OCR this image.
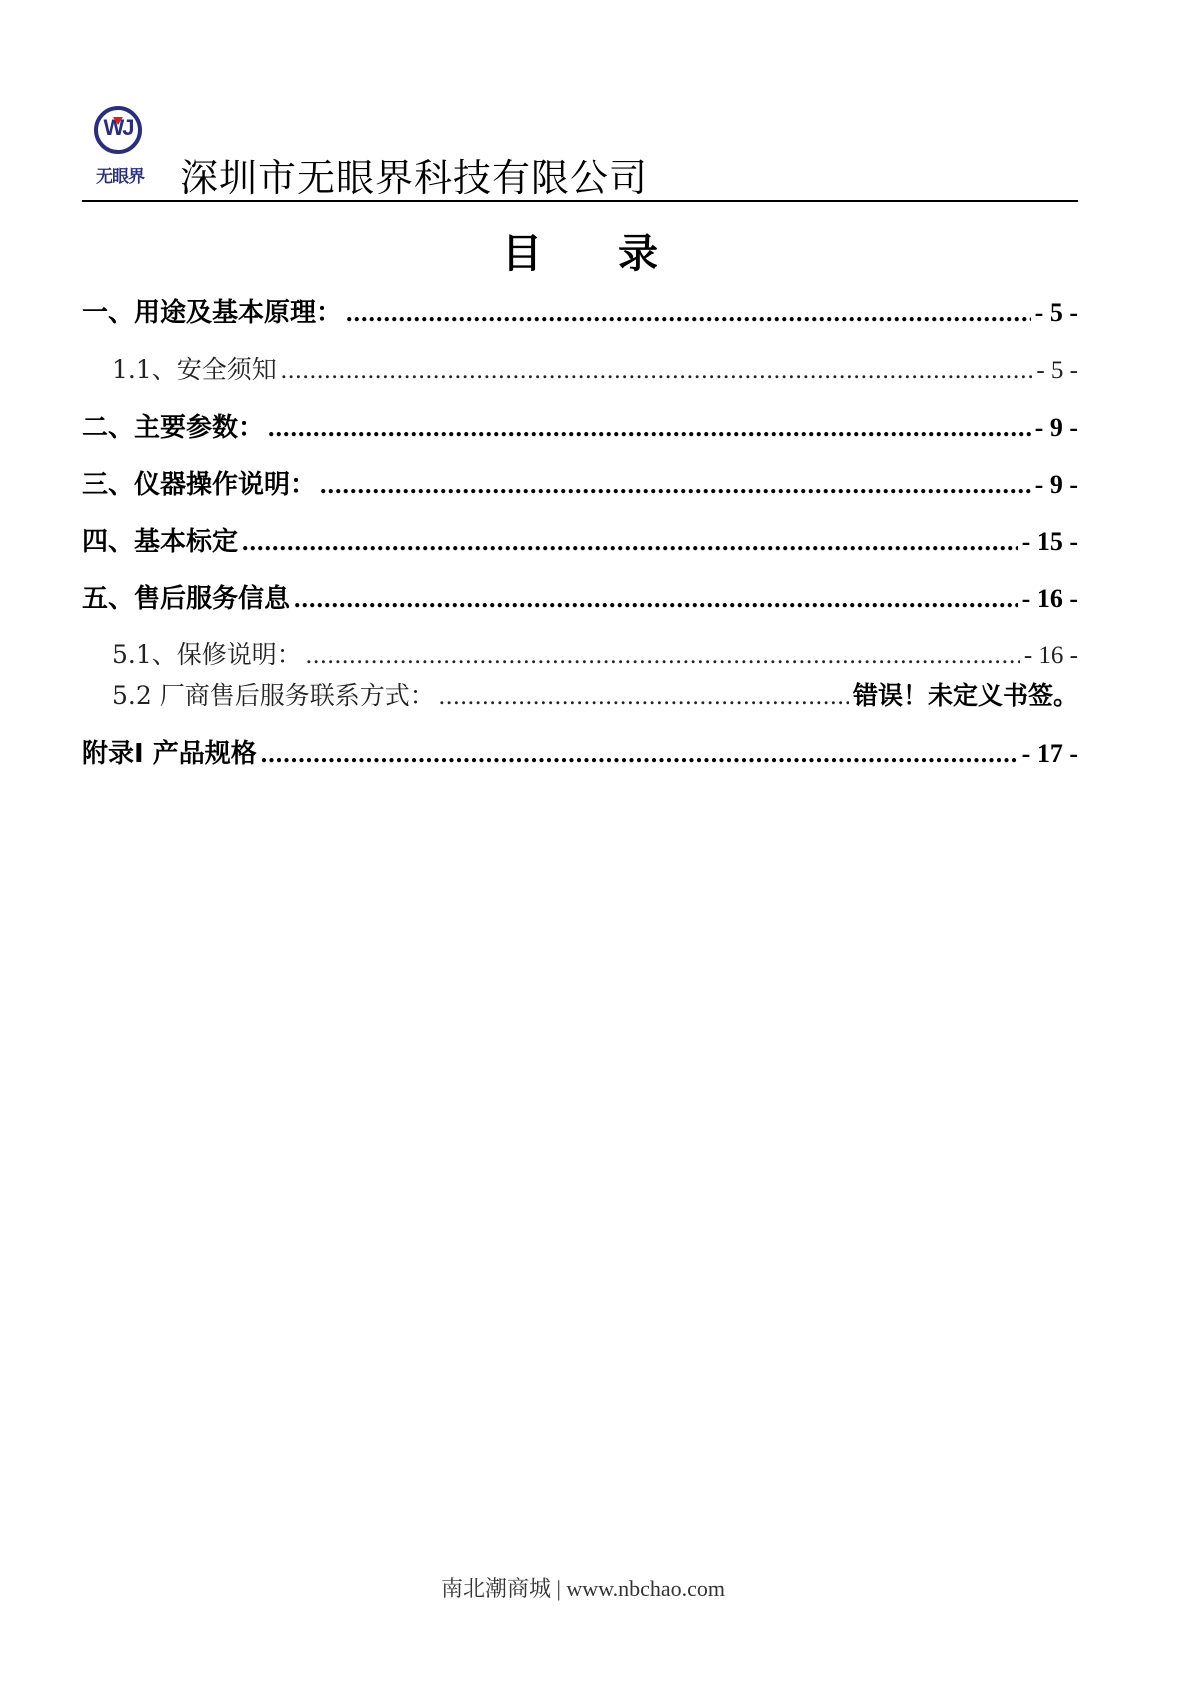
WJ
无眼界 深圳市无眼界科技有限公司
目 录
一、用途及基本原理： .....	- 5 -
1.1、安全须知 .....	- 5 -
二、主要参数： .....	- 9 -
三、仪器操作说明： .....	- 9 -
四、基本标定 .....	- 15 -
五、售后服务信息 .....	- 16 -
5.1、保修说明： .....	- 16 -
5.2 厂商售后服务联系方式： .....	错误！未定义书签。
附录Ⅰ 产品规格 .....	- 17 -
南北潮商城 | www.nbchao.com
